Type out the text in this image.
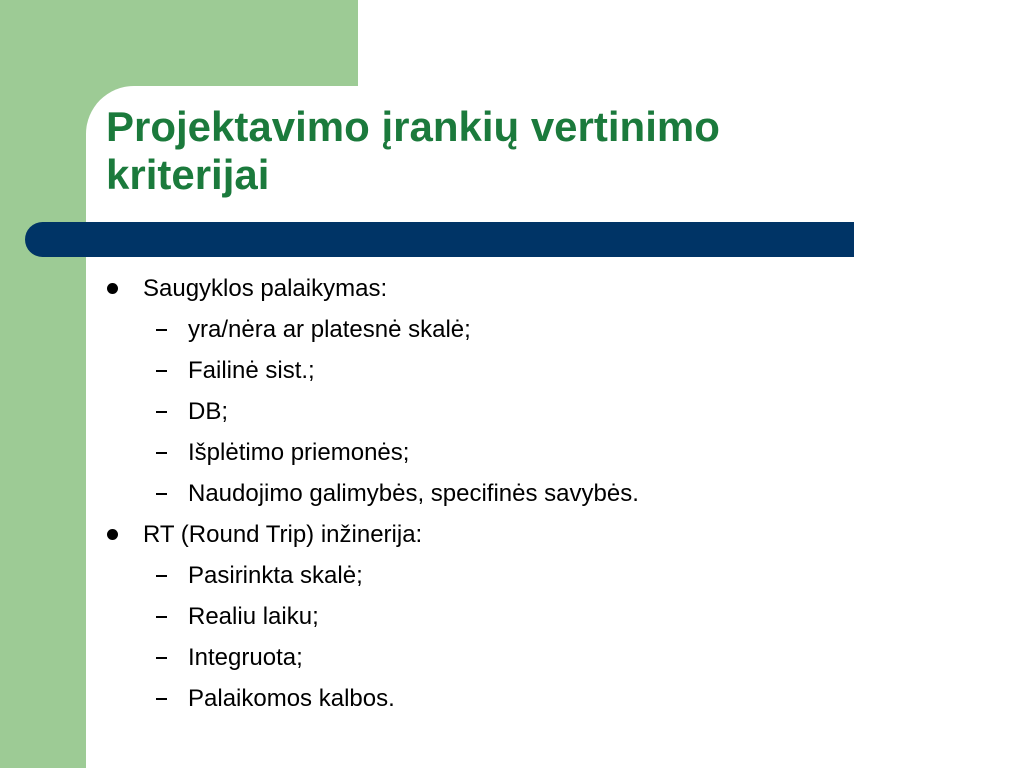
Projektavimo įrankių vertinimo kriterijai
Saugyklos palaikymas:
yra/nėra ar platesnė skalė;
Failinė sist.;
DB;
Išplėtimo priemonės;
Naudojimo galimybės, specifinės savybės.
RT (Round Trip) inžinerija:
Pasirinkta skalė;
Realiu laiku;
Integruota;
Palaikomos kalbos.
